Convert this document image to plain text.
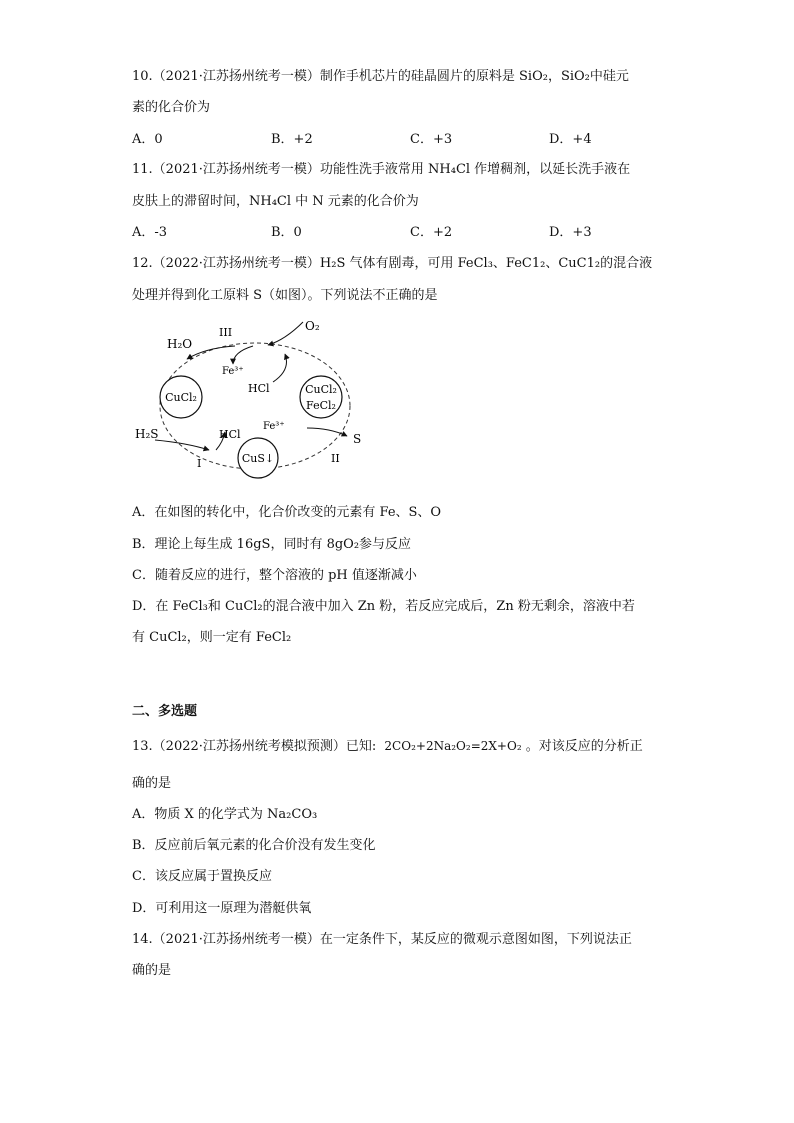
10.（2021·江苏扬州统考一模）制作手机芯片的硅晶圆片的原料是 SiO₂，SiO₂中硅元
素的化合价为
A．0	B．+2	C．+3	D．+4
11.（2021·江苏扬州统考一模）功能性洗手液常用 NH₄Cl 作增稠剂，以延长洗手液在
皮肤上的滞留时间，NH₄Cl 中 N 元素的化合价为
A．-3	B．0	C．+2	D．+3
12.（2022·江苏扬州统考一模）H₂S 气体有剧毒，可用 FeCl₃、FeC1₂、CuC1₂的混合液
处理并得到化工原料 S（如图）。下列说法不正确的是
CuCl₂
CuCl₂
FeCl₂
CuS↓
O₂
H₂O
III
Fe³⁺
HCl
H₂S
I
HCl
Fe³⁺
S
II
A．在如图的转化中，化合价改变的元素有 Fe、S、O
B．理论上每生成 16gS，同时有 8gO₂参与反应
C．随着反应的进行，整个溶液的 pH 值逐渐减小
D．在 FeCl₃和 CuCl₂的混合液中加入 Zn 粉，若反应完成后，Zn 粉无剩余，溶液中若
有 CuCl₂，则一定有 FeCl₂
二、多选题
13.（2022·江苏扬州统考模拟预测）已知: 2CO₂+2Na₂O₂=2X+O₂ 。对该反应的分析正
确的是
A．物质 X 的化学式为 Na₂CO₃
B．反应前后氧元素的化合价没有发生变化
C．该反应属于置换反应
D．可利用这一原理为潜艇供氧
14.（2021·江苏扬州统考一模）在一定条件下，某反应的微观示意图如图，下列说法正
确的是
